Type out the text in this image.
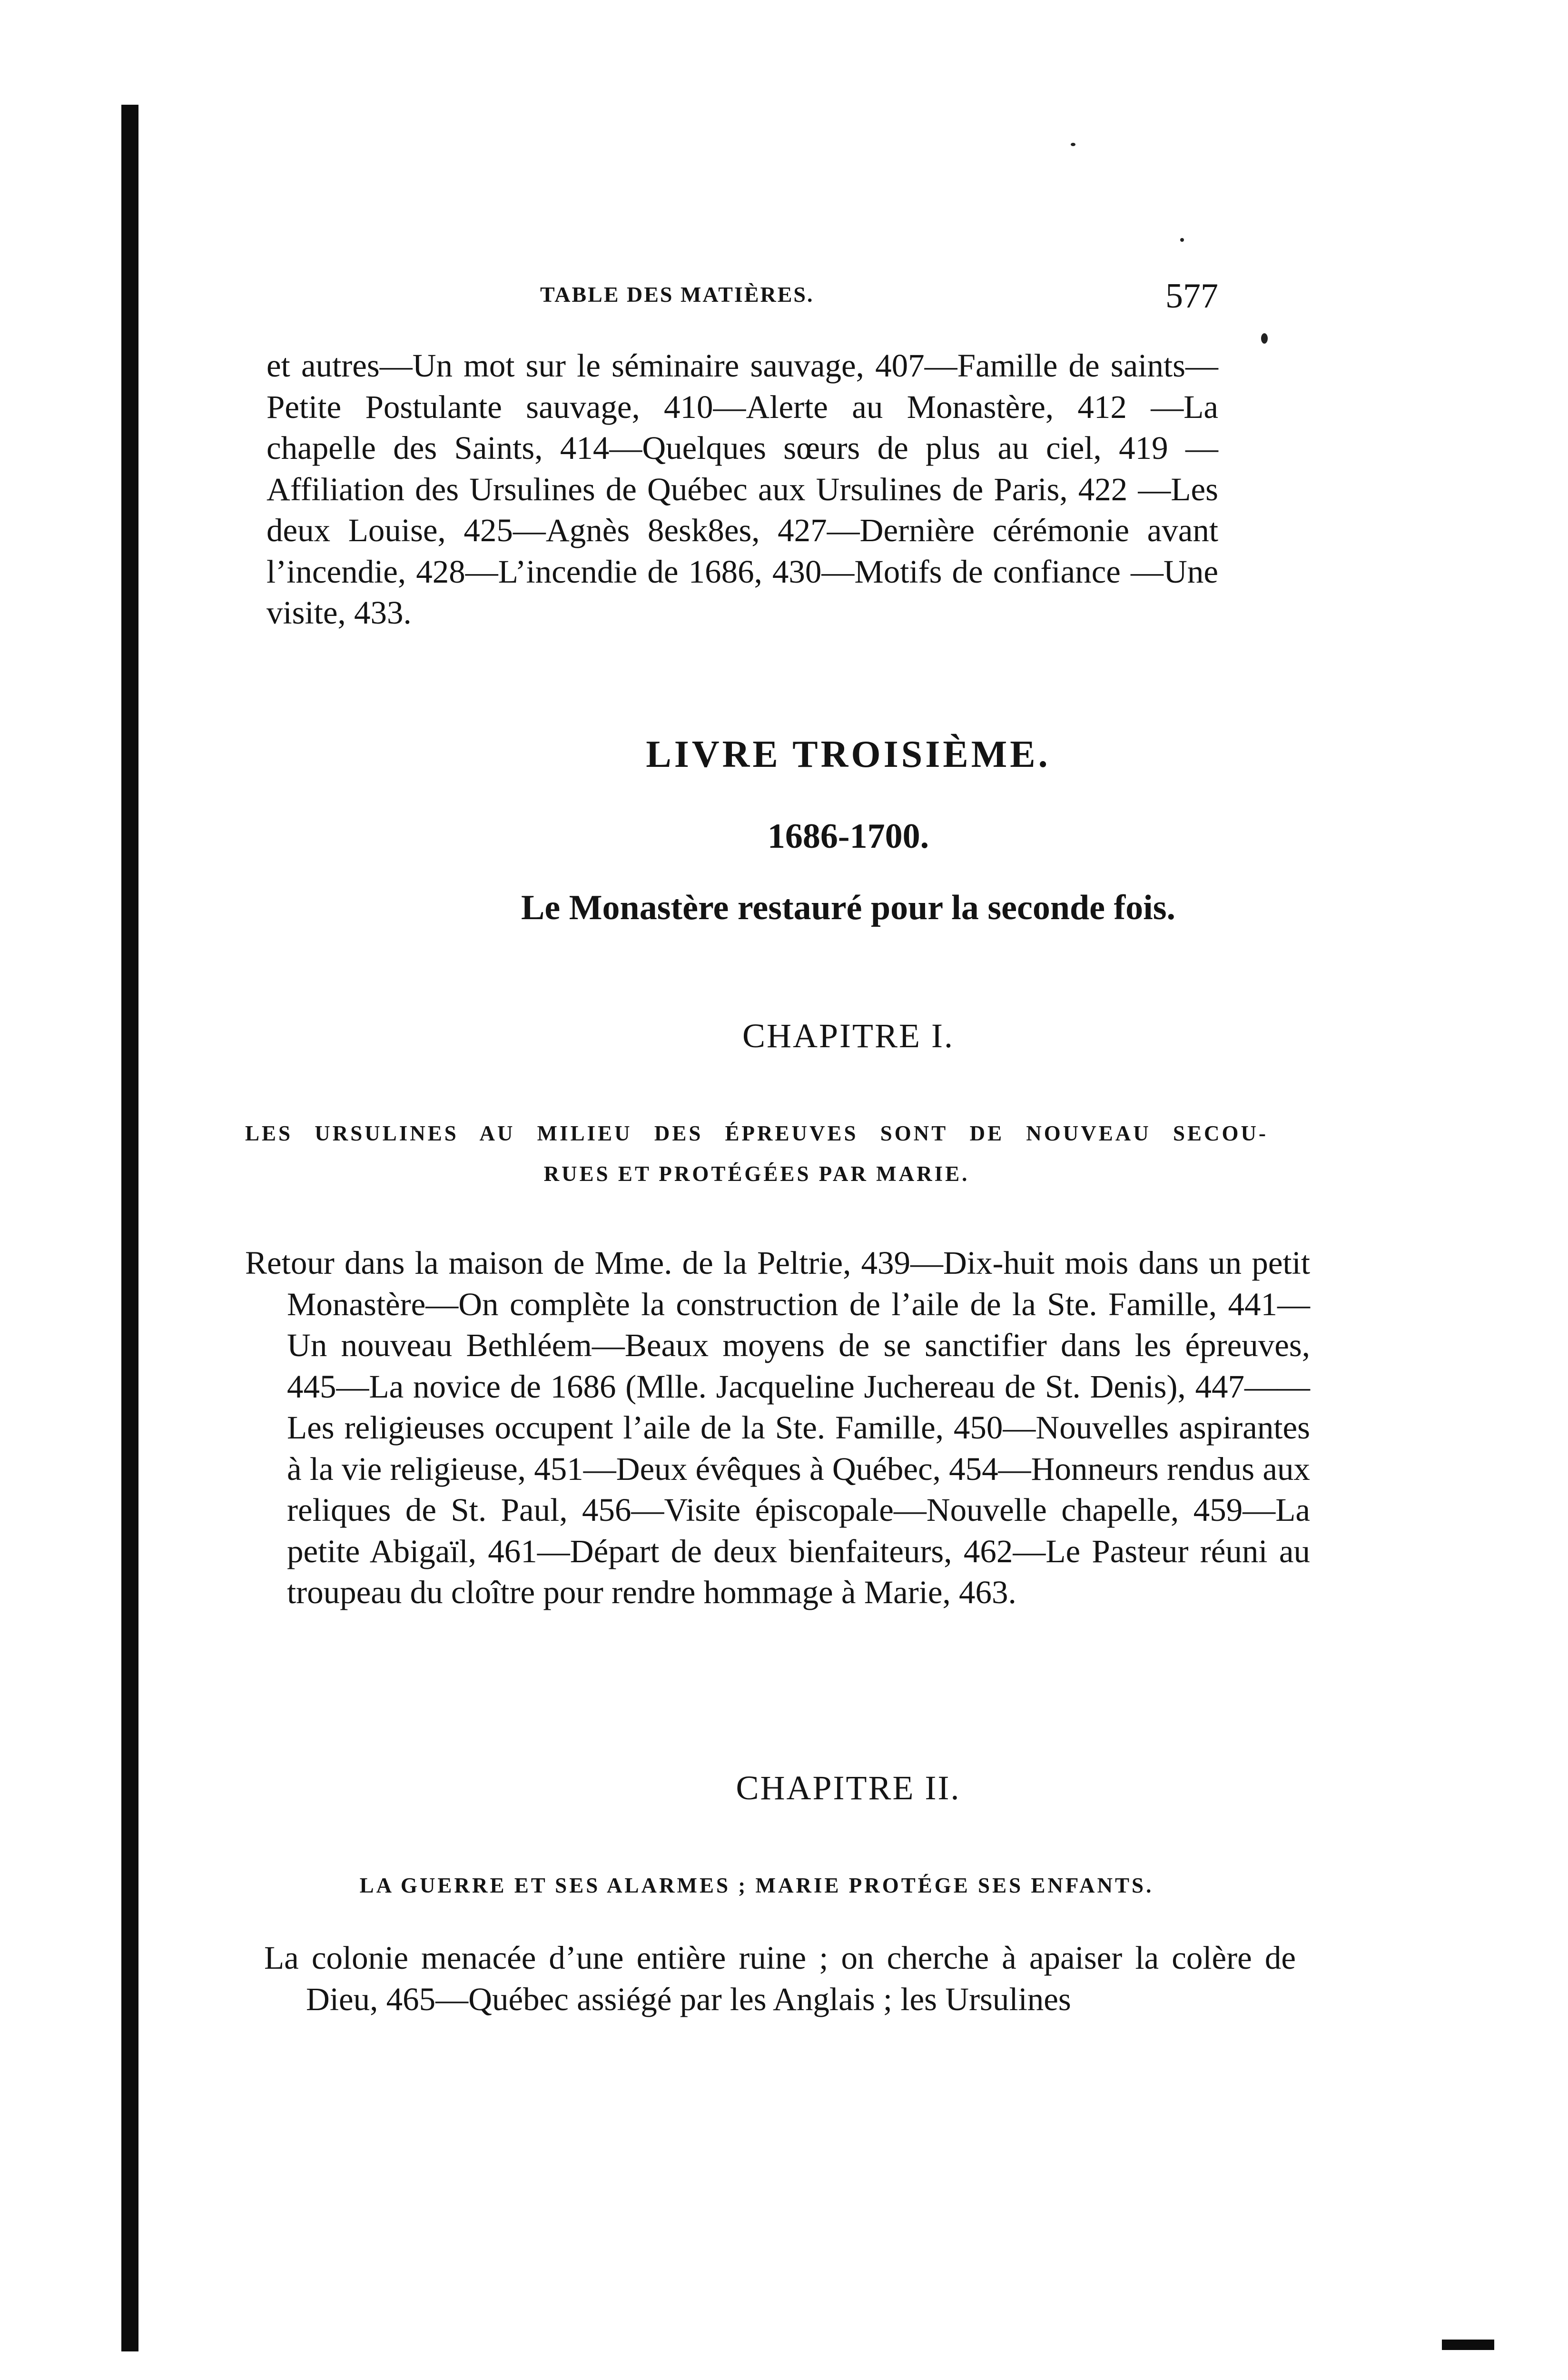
TABLE DES MATIÈRES.	577

et autres—Un mot sur le séminaire sauvage, 407—Famille de saints—Petite Postulante sauvage, 410—Alerte au Monastère, 412 —La chapelle des Saints, 414—Quelques sœurs de plus au ciel, 419 —Affiliation des Ursulines de Québec aux Ursulines de Paris, 422 —Les deux Louise, 425—Agnès 8esk8es, 427—Dernière cérémonie avant l’incendie, 428—L’incendie de 1686, 430—Motifs de confiance —Une visite, 433.

LIVRE TROISIÈME.

1686-1700.

Le Monastère restauré pour la seconde fois.

CHAPITRE I.

LES URSULINES AU MILIEU DES ÉPREUVES SONT DE NOUVEAU SECOU-

RUES ET PROTÉGÉES PAR MARIE.

Retour dans la maison de Mme. de la Peltrie, 439—Dix-huit mois dans un petit Monastère—On complète la construction de l’aile de la Ste. Famille, 441—Un nouveau Bethléem—Beaux moyens de se sanctifier dans les épreuves, 445—La novice de 1686 (Mlle. Jacqueline Juchereau de St. Denis), 447——Les religieuses occupent l’aile de la Ste. Famille, 450—Nouvelles aspirantes à la vie religieuse, 451—Deux évêques à Québec, 454—Honneurs rendus aux reliques de St. Paul, 456—Visite épiscopale—Nouvelle chapelle, 459—La petite Abigaïl, 461—Départ de deux bienfaiteurs, 462—Le Pasteur réuni au troupeau du cloître pour rendre hommage à Marie, 463.

CHAPITRE II.

LA GUERRE ET SES ALARMES ; MARIE PROTÉGE SES ENFANTS.

La colonie menacée d’une entière ruine ; on cherche à apaiser la colère de Dieu, 465—Québec assiégé par les Anglais ; les Ursulines
